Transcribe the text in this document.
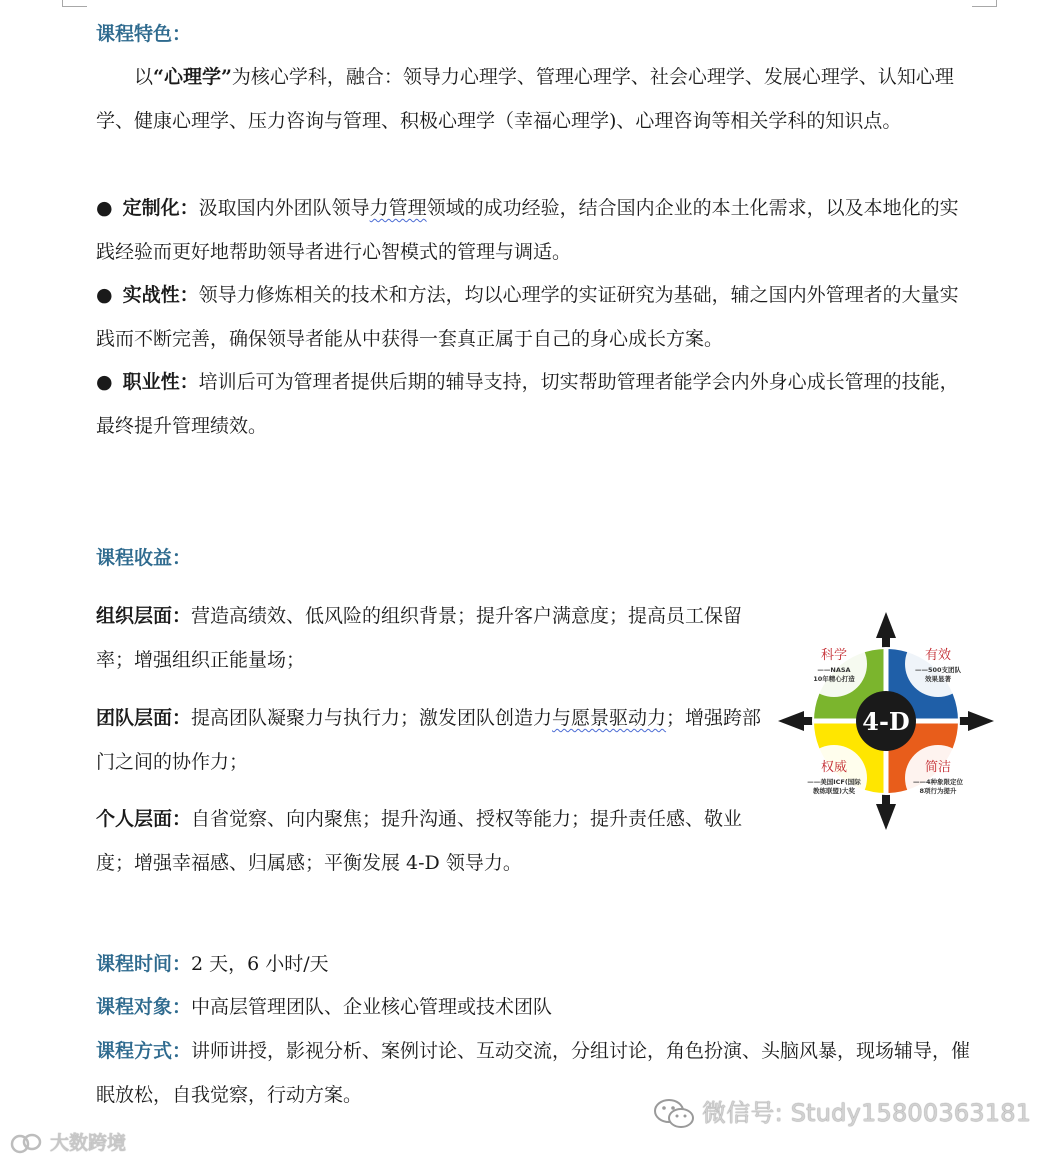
课程特色：
以“心理学”为核心学科，融合：领导力心理学、管理心理学、社会心理学、发展心理学、认知心理学、健康心理学、压力咨询与管理、积极心理学（幸福心理学)、心理咨询等相关学科的知识点。
● 定制化：汲取国内外团队领导力管理领域的成功经验，结合国内企业的本土化需求，以及本地化的实践经验而更好地帮助领导者进行心智模式的管理与调适。
● 实战性：领导力修炼相关的技术和方法，均以心理学的实证研究为基础，辅之国内外管理者的大量实践而不断完善，确保领导者能从中获得一套真正属于自己的身心成长方案。
● 职业性：培训后可为管理者提供后期的辅导支持，切实帮助管理者能学会内外身心成长管理的技能，最终提升管理绩效。
课程收益：
组织层面：营造高绩效、低风险的组织背景；提升客户满意度；提高员工保留率；增强组织正能量场；
团队层面：提高团队凝聚力与执行力；激发团队创造力与愿景驱动力；增强跨部门之间的协作力；
个人层面：自省觉察、向内聚焦；提升沟通、授权等能力；提升责任感、敬业度；增强幸福感、归属感；平衡发展 4-D 领导力。
科学
——NASA
10年精心打造
有效
——500支团队
效果显著
权威
——美国ICF(国际
教练联盟)大奖
简洁
——4种象限定位
8项行为提升
4-D
课程时间：2 天，6 小时/天
课程对象：中高层管理团队、企业核心管理或技术团队
课程方式：讲师讲授，影视分析、案例讨论、互动交流，分组讨论，角色扮演、头脑风暴，现场辅导，催眠放松，自我觉察，行动方案。
大数跨境
微信号: Study15800363181
